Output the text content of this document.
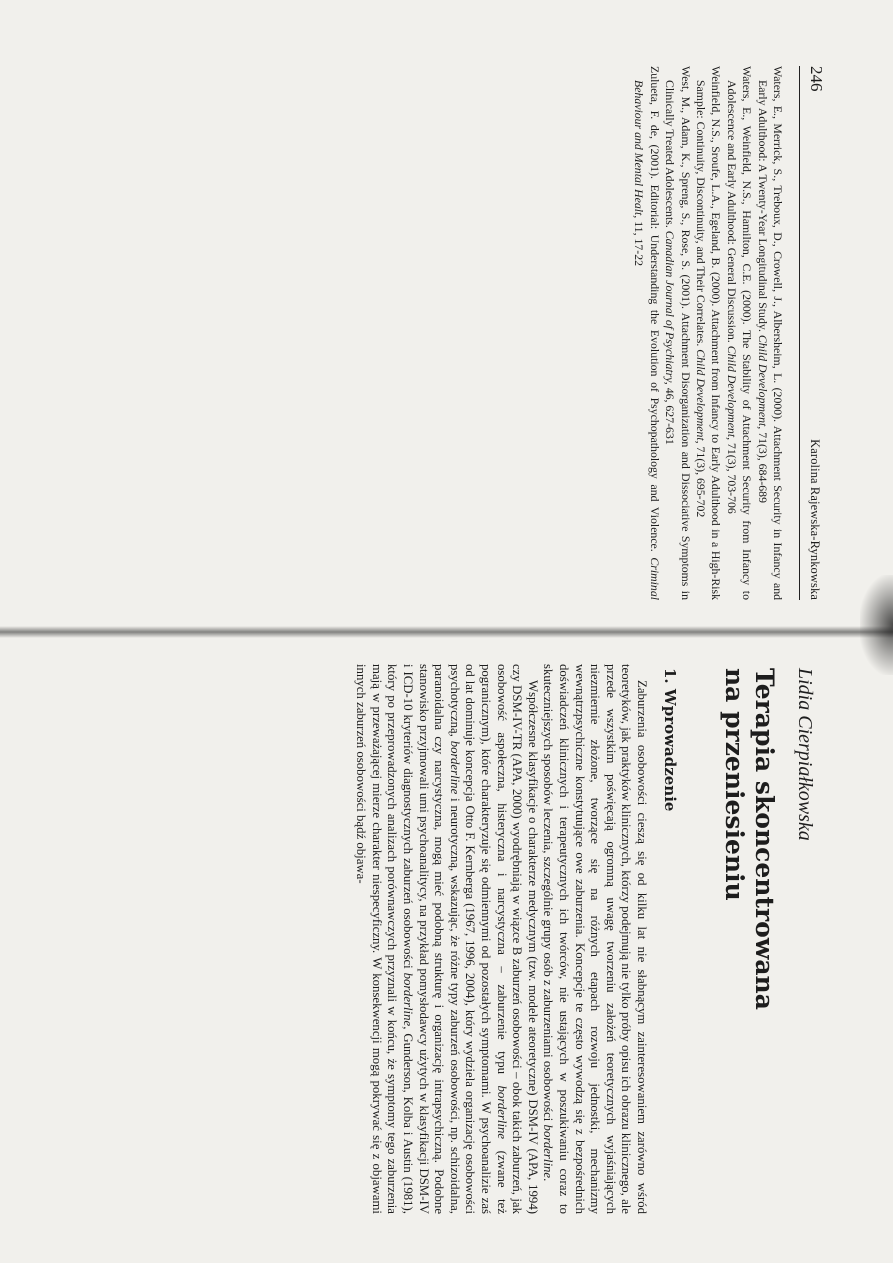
246
Karolina Rajewska-Rynkowska

Waters, E., Merrick, S., Treboux, D., Crowell, J., Albersheim, L. (2000). Attachment Security in Infancy and Early Adulthood: A Twenty-Year Longitudinal Study. Child Development, 71(3), 684-689

Waters, E., Weinfield, N.S., Hamilton, C.E. (2000). The Stability of Attachment Security from Infancy to Adolescence and Early Adulthood: General Discussion. Child Development, 71(3), 703-706

Weinfield, N.S., Sroufe, L.A., Egeland, B. (2000). Attachment from Infancy to Early Adulthood in a High-Risk Sample: Continuity, Discontinuity, and Their Correlates. Child Development, 71(3), 695-702

West, M., Adam, K., Spreng, S., Rose, S. (2001). Attachment Disorganization and Dissociative Symptoms in Clinically Treated Adolescents. Canadian Journal of Psychiatry, 46, 627-631

Zulueta, F. de, (2001). Editorial: Understanding the Evolution of Psychopathology and Violence. Criminal Behaviour and Mental Healt, 11, 17-22

Lidia Cierpiałkowska
Terapia skoncentrowana
na przeniesieniu
1. Wprowadzenie

Zaburzenia osobowości cieszą się od kilku lat nie słabnącym zainteresowaniem zarówno wśród teoretyków, jak praktyków klinicznych, którzy podejmują nie tylko próby opisu ich obrazu klinicznego, ale przede wszystkim poświęcają ogromną uwagę tworzeniu założeń teoretycznych wyjaśniających niezmiernie złożone, tworzące się na różnych etapach rozwoju jednostki, mechanizmy wewnątrzpsychiczne konstytuujące owe zaburzenia. Koncepcje te często wywodzą się z bezpośrednich doświadczeń klinicznych i terapeutycznych ich twórców, nie ustających w poszukiwaniu coraz to skuteczniejszych sposobów leczenia, szczególnie grupy osób z zaburzeniami osobowości borderline.

Współczesne klasyfikacje o charakterze medycznym (tzw. modele ateoretyczne) DSM-IV (APA, 1994) czy DSM-IV-TR (APA, 2000) wyodrębniają w wiązce B zaburzeń osobowości – obok takich zaburzeń, jak osobowość aspołeczna, histeryczna i narcystyczna – zaburzenie typu borderline (zwane też pogranicznym), które charakteryzuje się odmiennymi od pozostałych symptomami. W psychoanalizie zaś od lat dominuje koncepcja Otto F. Kernberga (1967, 1996, 2004), który wydziela organizację osobowości psychotyczną, borderline i neurotyczną, wskazując, że różne typy zaburzeń osobowości, np. schizoidalna, paranoidalna czy narcystyczna, mogą mieć podobną strukturę i organizację intrapsychiczną. Podobne stanowisko przyjmowali umi psychoanalitycy, na przykład pomysłodawcy użytych w klasyfikacji DSM-IV i ICD-10 kryteriów diagnostycznych zaburzeń osobowości borderline, Gunderson, Kolba i Austin (1981), który po przeprowadzonych analizach porównawczych przyznali w końcu, że symptomy tego zaburzenia mają w przeważającej mierze charakter niespecyficzny. W konsekwencji mogą pokrywać się z objawami innych zaburzeń osobowości bądź objawa-
